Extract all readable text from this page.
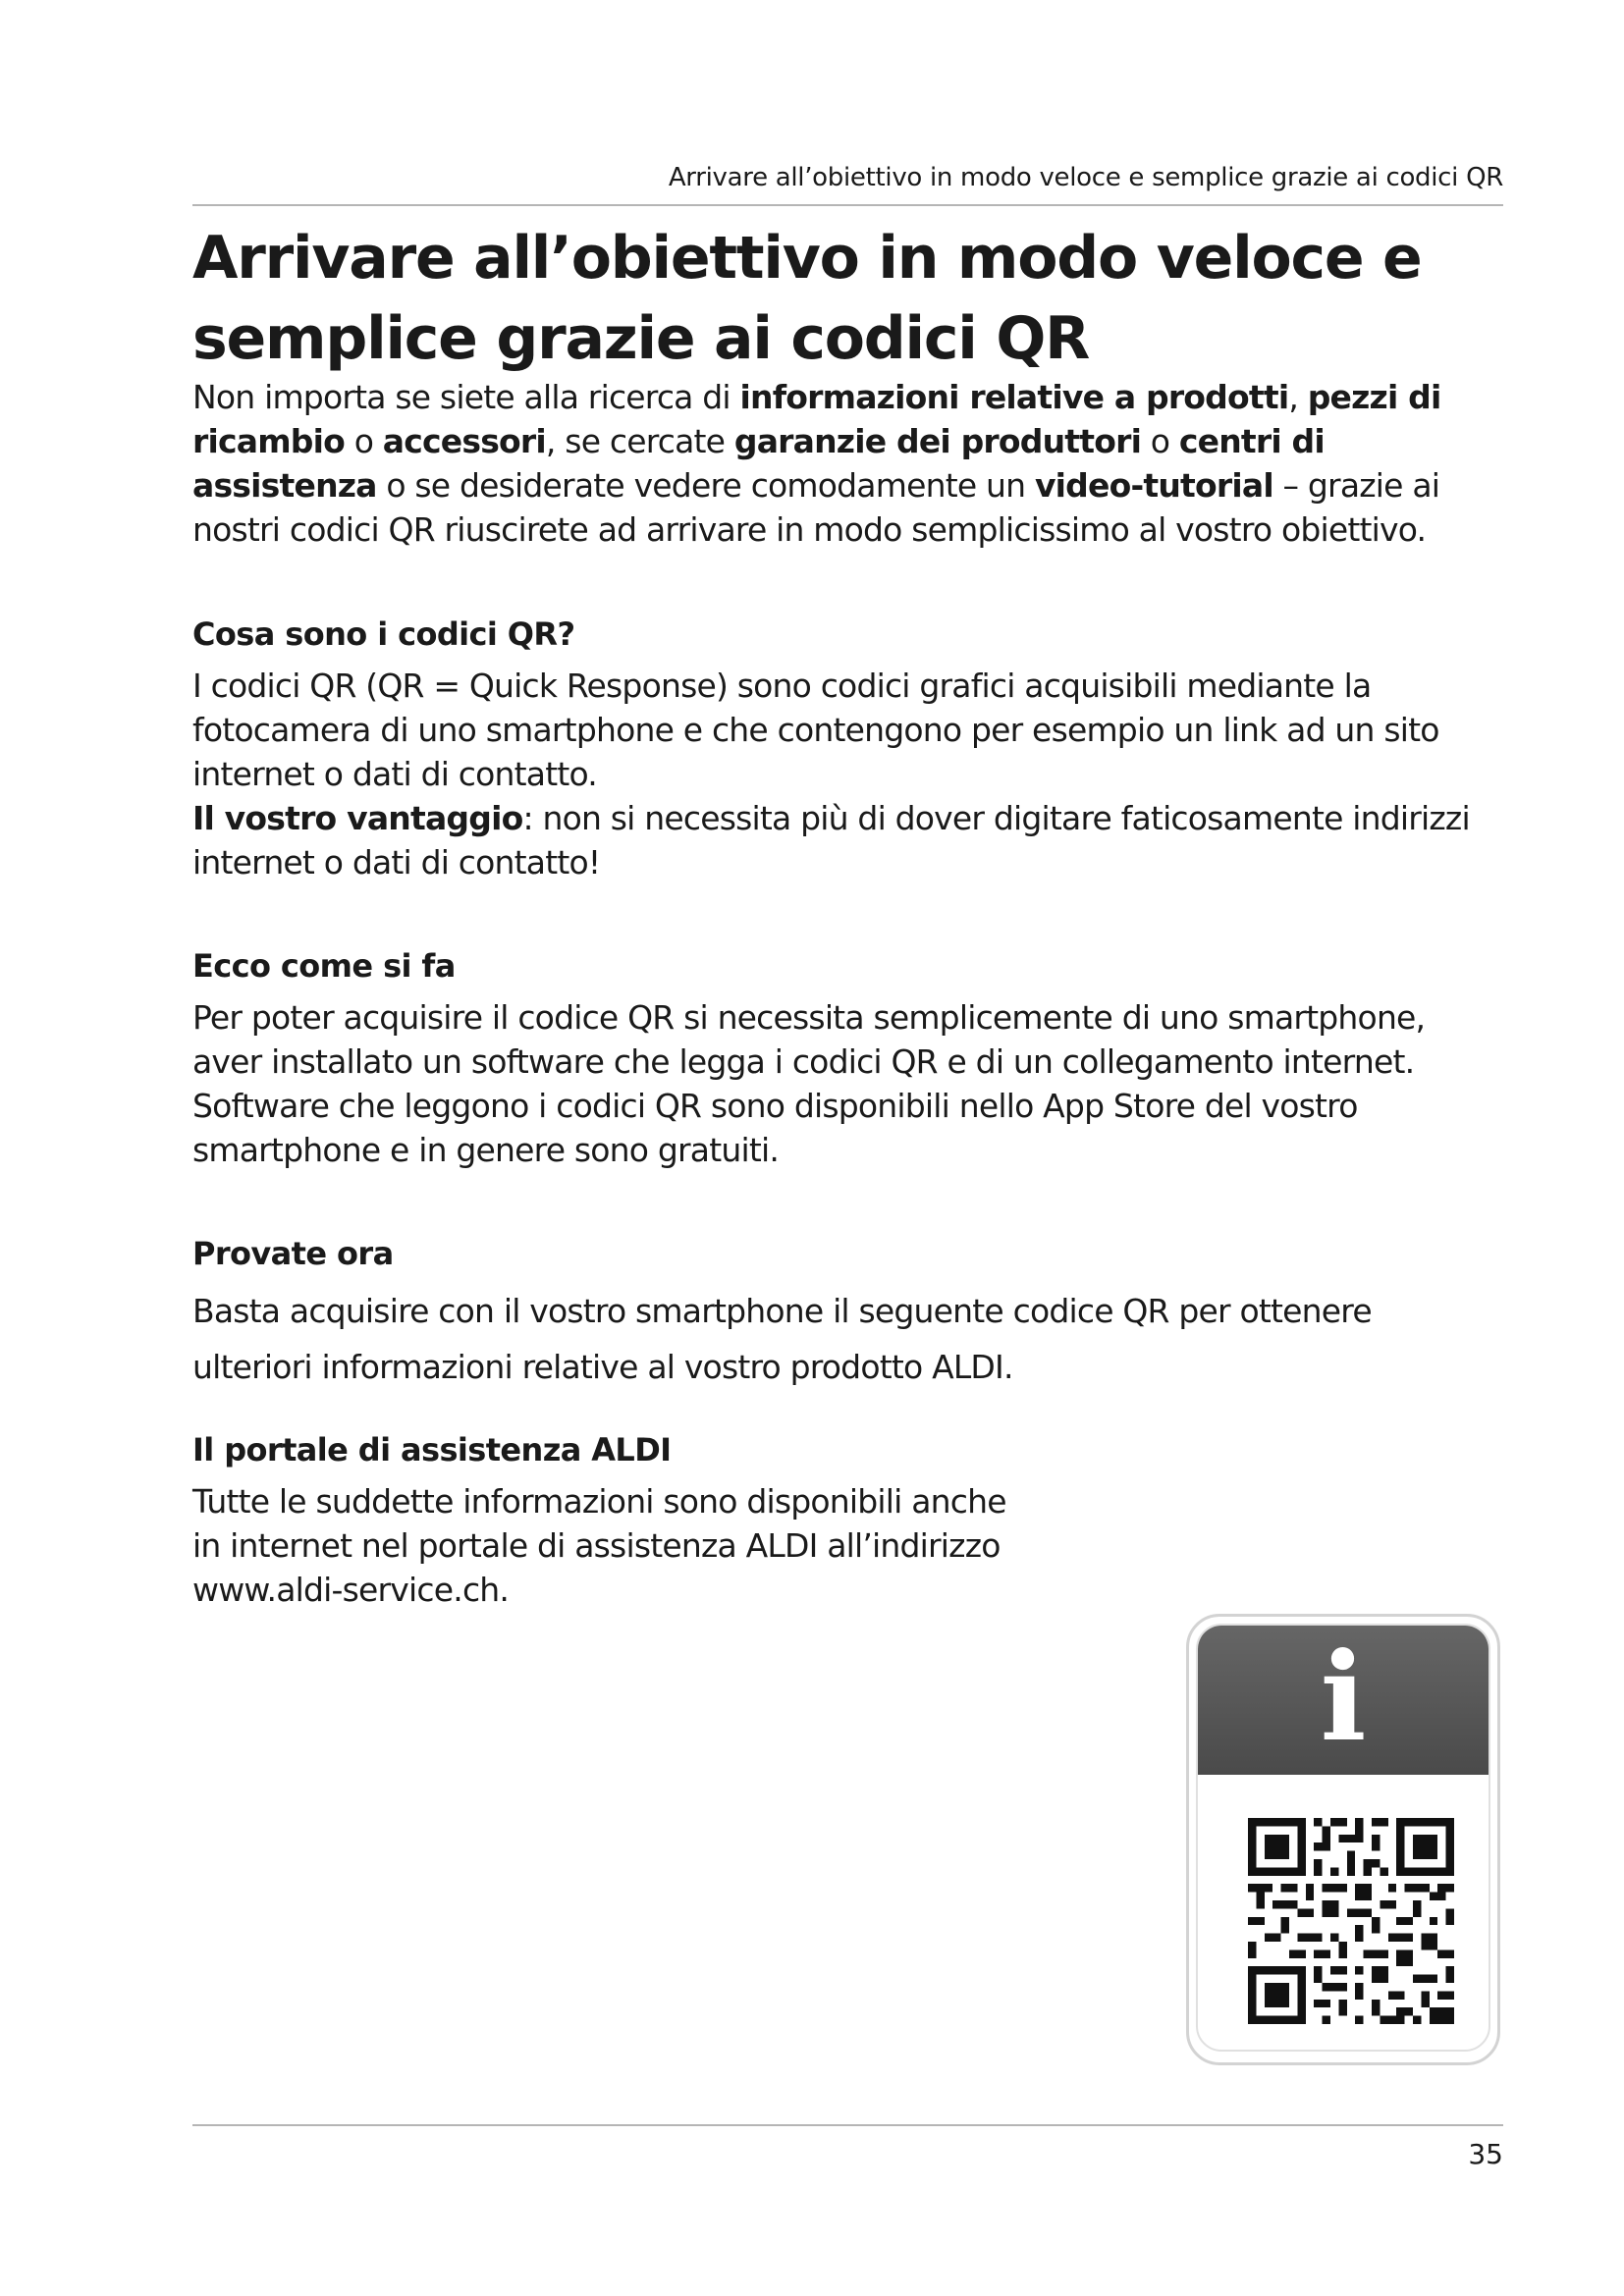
Arrivare all’obiettivo in modo veloce e semplice grazie ai codici QR
Arrivare all’obiettivo in modo veloce e
semplice grazie ai codici QR

Non importa se siete alla ricerca di informazioni relative a prodotti, pezzi di ricambio o accessori, se cercate garanzie dei produttori o centri di assistenza o se desiderate vedere comodamente un video-tutorial – grazie ai nostri codici QR riuscirete ad arrivare in modo semplicissimo al vostro obiettivo.

Cosa sono i codici QR?

I codici QR (QR = Quick Response) sono codici grafici acquisibili mediante la fotocamera di uno smartphone e che contengono per esempio un link ad un sito internet o dati di contatto.
Il vostro vantaggio: non si necessita più di dover digitare faticosamente indirizzi internet o dati di contatto!

Ecco come si fa

Per poter acquisire il codice QR si necessita semplicemente di uno smartphone, aver installato un software che legga i codici QR e di un collegamento internet. Software che leggono i codici QR sono disponibili nello App Store del vostro smartphone e in genere sono gratuiti.

Provate ora

Basta acquisire con il vostro smartphone il seguente codice QR per ottenere ulteriori informazioni relative al vostro prodotto ALDI.

Il portale di assistenza ALDI

Tutte le suddette informazioni sono disponibili anche
in internet nel portale di assistenza ALDI all’indirizzo
www.aldi-service.ch.

i
35
